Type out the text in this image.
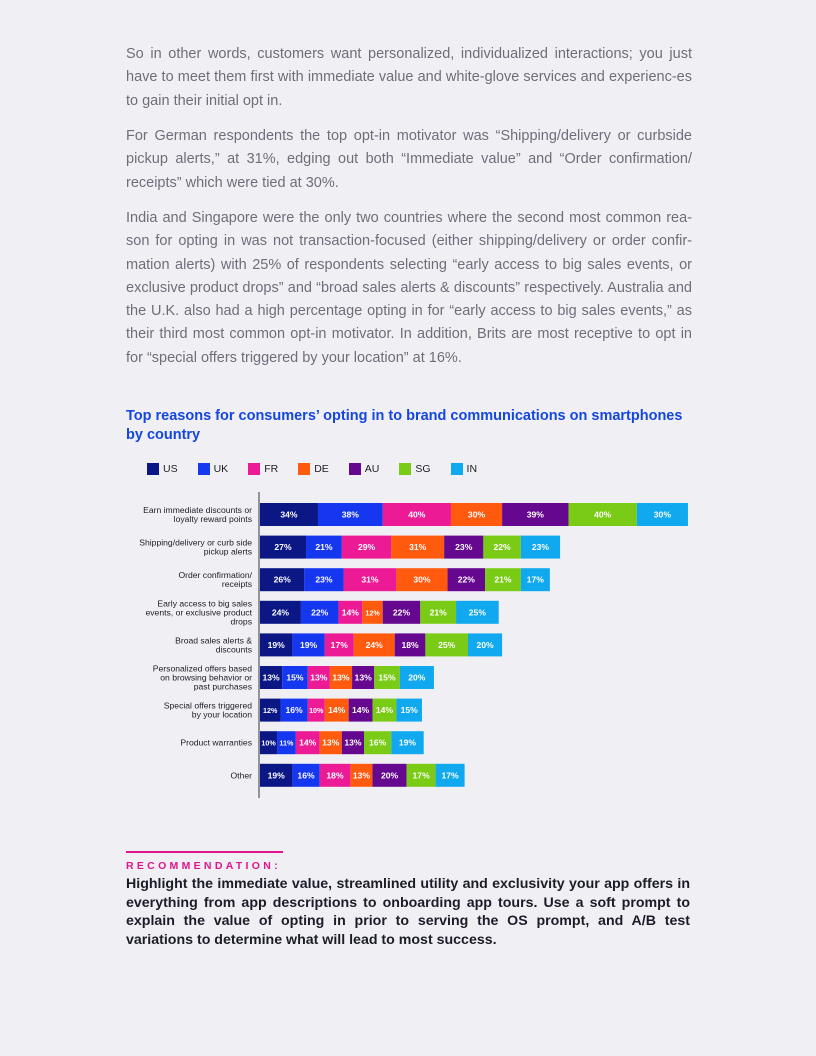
So in other words, customers want personalized, individualized interactions; you just have to meet them first with immediate value and white-glove services and experienc-es to gain their initial opt in.

For German respondents the top opt-in motivator was “Shipping/delivery or curbside pickup alerts,” at 31%, edging out both “Immediate value” and “Order confirmation/ receipts” which were tied at 30%.

India and Singapore were the only two countries where the second most common rea-son for opting in was not transaction-focused (either shipping/delivery or order confir-mation alerts) with 25% of respondents selecting “early access to big sales events, or exclusive product drops” and “broad sales alerts & discounts” respectively. Australia and the U.K. also had a high percentage opting in for “early access to big sales events,” as their third most common opt-in motivator. In addition, Brits are most receptive to opt in for “special offers triggered by your location” at 16%.

Top reasons for consumers’ opting in to brand communications on smartphones by country
US	UK	FR	DE	AU	SG	IN
Earn immediate discounts or loyalty reward points	34%	38%	40%	30%	39%	40%	30%
Shipping/delivery or curb side pickup alerts	27%	21%	29%	31%	23% 22% 23%
Order confirmation/ receipts	26%	23%	31%	30%	22% 21% 17%
Early access to big sales events, or exclusive product drops
24%	22% 14% 12% 22% 21%	25%
Broad sales alerts & discounts 19% 19% 17% 24% 18% 25% 20%
Personalized offers based on browsing behavior or past purchases
13% 15% 13% 13% 13% 15% 20%
Special offers triggered by your location 12% 16% 10% 14% 14% 14% 15%
Product warranties 10% 11% 14% 13% 13% 16% 19%
Other 19% 16% 18% 13% 20% 17% 17%

RECOMMENDATION:

Highlight the immediate value, streamlined utility and exclusivity your app offers in everything from app descriptions to onboarding app tours. Use a soft prompt to explain the value of opting in prior to serving the OS prompt, and A/B test variations to determine what will lead to most success.
